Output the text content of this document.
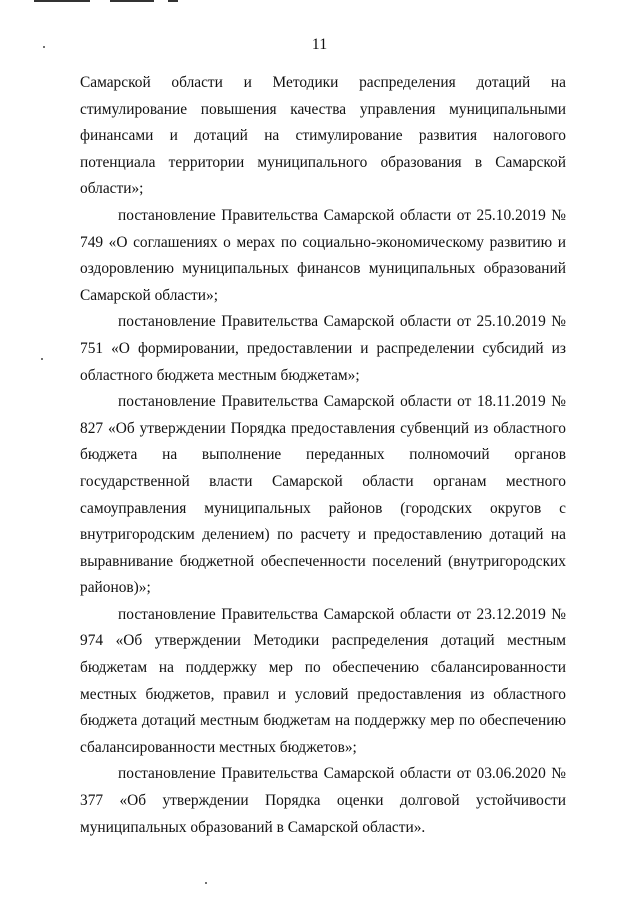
11

Самарской области и Методики распределения дотаций на стимулирование повышения качества управления муниципальными финансами и дотаций на стимулирование развития налогового потенциала территории муниципального образования в Самарской области»;

постановление Правительства Самарской области от 25.10.2019 № 749 «О соглашениях о мерах по социально-экономическому развитию и оздоровлению муниципальных финансов муниципальных образований Самарской области»;

постановление Правительства Самарской области от 25.10.2019 № 751 «О формировании, предоставлении и распределении субсидий из областного бюджета местным бюджетам»;

постановление Правительства Самарской области от 18.11.2019 № 827 «Об утверждении Порядка предоставления субвенций из областного бюджета на выполнение переданных полномочий органов государственной власти Самарской области органам местного самоуправления муниципальных районов (городских округов с внутригородским делением) по расчету и предоставлению дотаций на выравнивание бюджетной обеспеченности поселений (внутригородских районов)»;

постановление Правительства Самарской области от 23.12.2019 № 974 «Об утверждении Методики распределения дотаций местным бюджетам на поддержку мер по обеспечению сбалансированности местных бюджетов, правил и условий предоставления из областного бюджета дотаций местным бюджетам на поддержку мер по обеспечению сбалансированности местных бюджетов»;

постановление Правительства Самарской области от 03.06.2020 № 377 «Об утверждении Порядка оценки долговой устойчивости муниципальных образований в Самарской области».
